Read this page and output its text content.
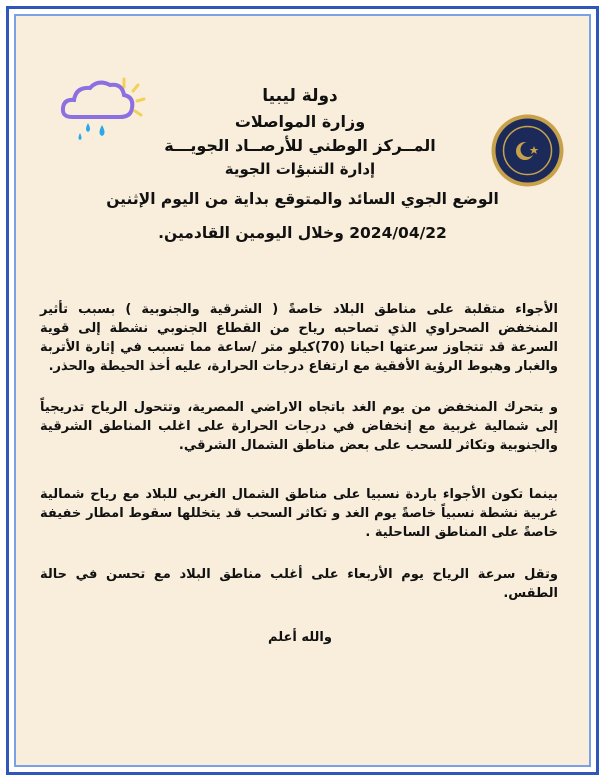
دولة ليبيا
وزارة المواصلات
المــركز الوطني للأرصــاد الجويـــة
إدارة التنبؤات الجوية
الوضع الجوي السائد والمتوقع بداية من اليوم الإثنين
2024/04/22 وخلال اليومين القادمين.
الأجواء متقلبة على مناطق البلاد خاصةً ( الشرقية والجنوبية ) بسبب تأثير المنخفض الصحراوي الذي تصاحبه رياح من القطاع الجنوبي نشطة إلى قوية السرعة قد تتجاوز سرعتها احيانا (70)كيلو متر /ساعة مما تسبب في إثارة الأتربة والغبار وهبوط الرؤية الأفقية مع ارتفاع درجات الحرارة، عليه أخذ الحيطة والحذر.
و يتحرك المنخفض من يوم الغد باتجاه الاراضي المصرية، وتتحول الرياح تدريجياً إلى شمالية غربية مع إنخفاض في درجات الحرارة على اغلب المناطق الشرقية والجنوبية وتكاثر للسحب على بعض مناطق الشمال الشرقي.
بينما تكون الأجواء باردة نسبيا على مناطق الشمال الغربي للبلاد مع رياح شمالية غربية نشطة نسبياً خاصةً يوم الغد و تكاثر السحب قد يتخللها سقوط امطار خفيفة خاصةً على المناطق الساحلية .
وتقل سرعة الرياح يوم الأربعاء على أغلب مناطق البلاد مع تحسن في حالة الطقس.
والله أعلم
